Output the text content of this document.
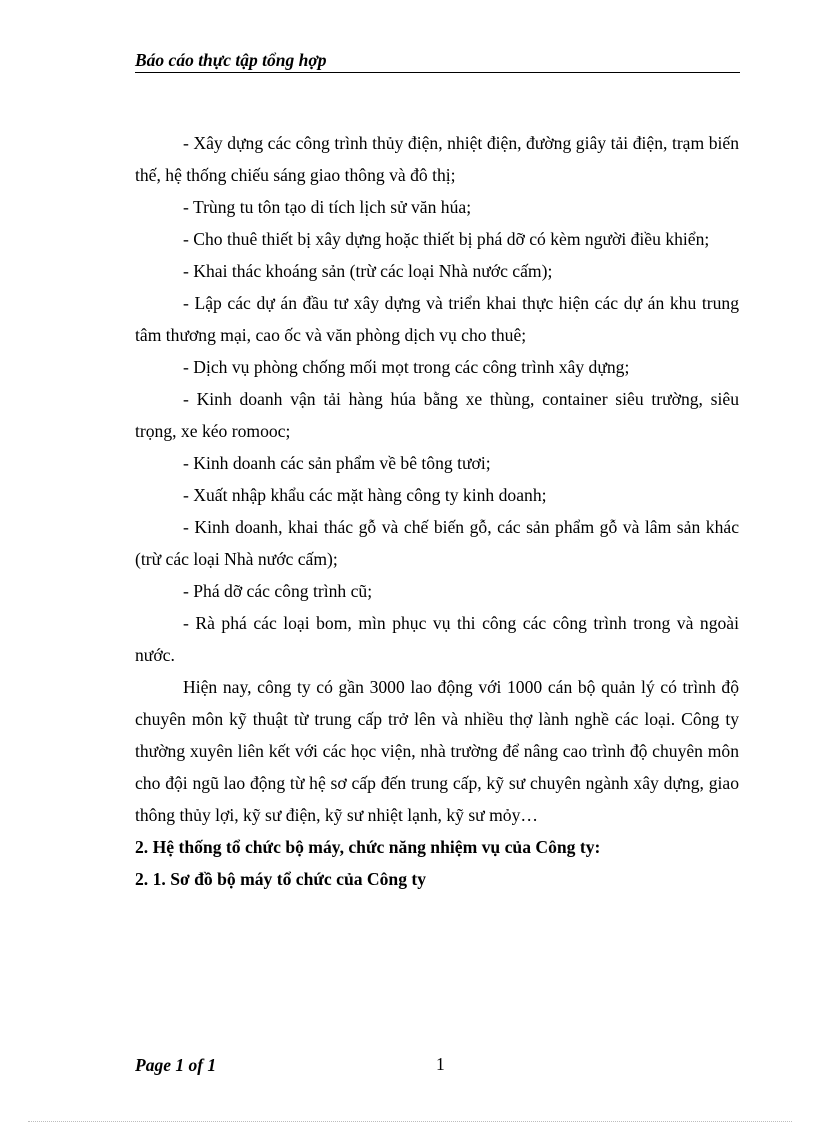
Báo cáo thực tập tổng hợp

- Xây dựng các công trình thủy điện, nhiệt điện, đường giây tải điện, trạm biến thế, hệ thống chiếu sáng giao thông và đô thị;

- Trùng tu tôn tạo di tích lịch sử văn húa;

- Cho thuê thiết bị xây dựng hoặc thiết bị phá dỡ có kèm người điều khiển;

- Khai thác khoáng sản (trừ các loại Nhà nước cấm);

- Lập các dự án đầu tư xây dựng và triển khai thực hiện các dự án khu trung tâm thương mại, cao ốc và văn phòng dịch vụ cho thuê;

- Dịch vụ phòng chống mối mọt trong các công trình xây dựng;

- Kinh doanh vận tải hàng húa bằng xe thùng, container siêu trường, siêu trọng, xe kéo romooc;

- Kinh doanh các sản phẩm về bê tông tươi;

- Xuất nhập khẩu các mặt hàng công ty kinh doanh;

- Kinh doanh, khai thác gỗ và chế biến gỗ, các sản phẩm gỗ và lâm sản khác (trừ các loại Nhà nước cấm);

- Phá dỡ các công trình cũ;

- Rà phá các loại bom, mìn phục vụ thi công các công trình trong và ngoài nước.

Hiện nay, công ty có gần 3000 lao động với 1000 cán bộ quản lý có trình độ chuyên môn kỹ thuật từ trung cấp trở lên và nhiều thợ lành nghề các loại. Công ty thường xuyên liên kết với các học viện, nhà trường để nâng cao trình độ chuyên môn cho đội ngũ lao động từ hệ sơ cấp đến trung cấp, kỹ sư chuyên ngành xây dựng, giao thông thủy lợi, kỹ sư điện, kỹ sư nhiệt lạnh, kỹ sư mỏy…

2. Hệ thống tổ chức bộ máy, chức năng nhiệm vụ của Công ty:

2. 1. Sơ đồ bộ máy tổ chức của Công ty

Page 1 of 1	1
